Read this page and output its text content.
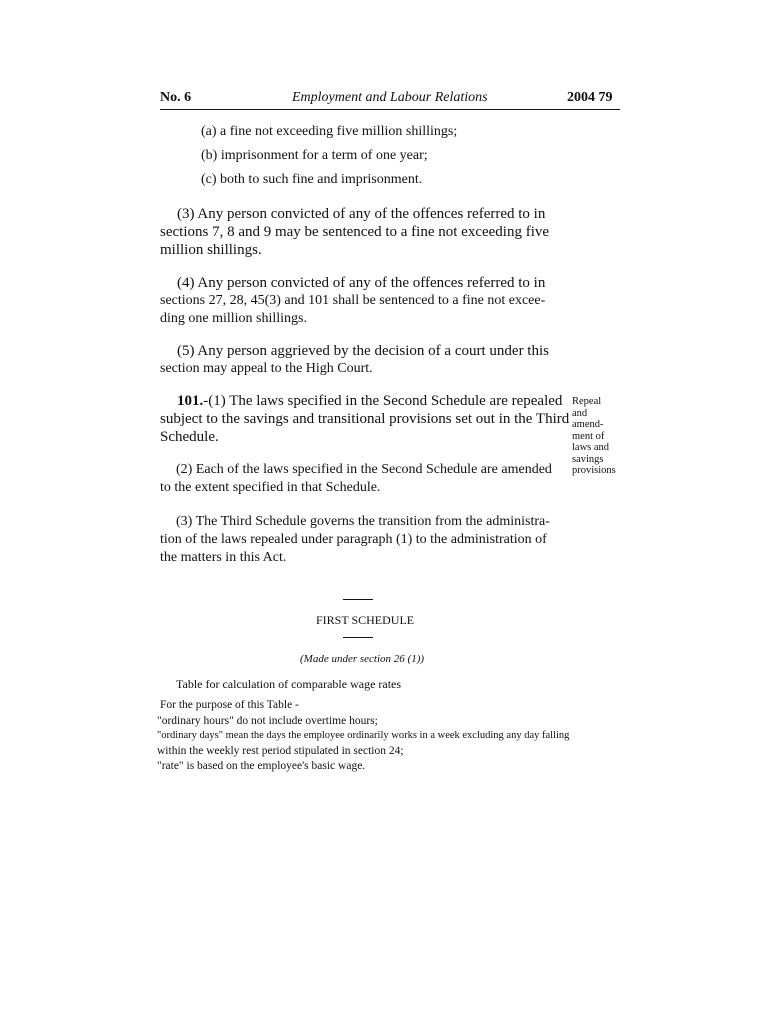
No. 6	Employment and Labour Relations	2004 79
(a) a fine not exceeding five million shillings;
(b) imprisonment for a term of one year;
(c) both to such fine and imprisonment.
(3) Any person convicted of any of the offences referred to in
sections 7, 8 and 9 may be sentenced to a fine not exceeding five
million shillings.
(4) Any person convicted of any of the offences referred to in
sections 27, 28, 45(3) and 101 shall be sentenced to a fine not excee-
ding one million shillings.
(5) Any person aggrieved by the decision of a court under this
section may appeal to the High Court.
101.-(1) The laws specified in the Second Schedule are repealed
subject to the savings and transitional provisions set out in the Third
Schedule.
Repeal
and
amend-
ment of
laws and
savings
provisions
(2) Each of the laws specified in the Second Schedule are amended
to the extent specified in that Schedule.
(3) The Third Schedule governs the transition from the administra-
tion of the laws repealed under paragraph (1) to the administration of
the matters in this Act.
FIRST SCHEDULE
(Made under section 26 (1))
Table for calculation of comparable wage rates
For the purpose of this Table -
"ordinary hours" do not include overtime hours;
"ordinary days" mean the days the employee ordinarily works in a week excluding any day falling
within the weekly rest period stipulated in section 24;
"rate" is based on the employee's basic wage.
